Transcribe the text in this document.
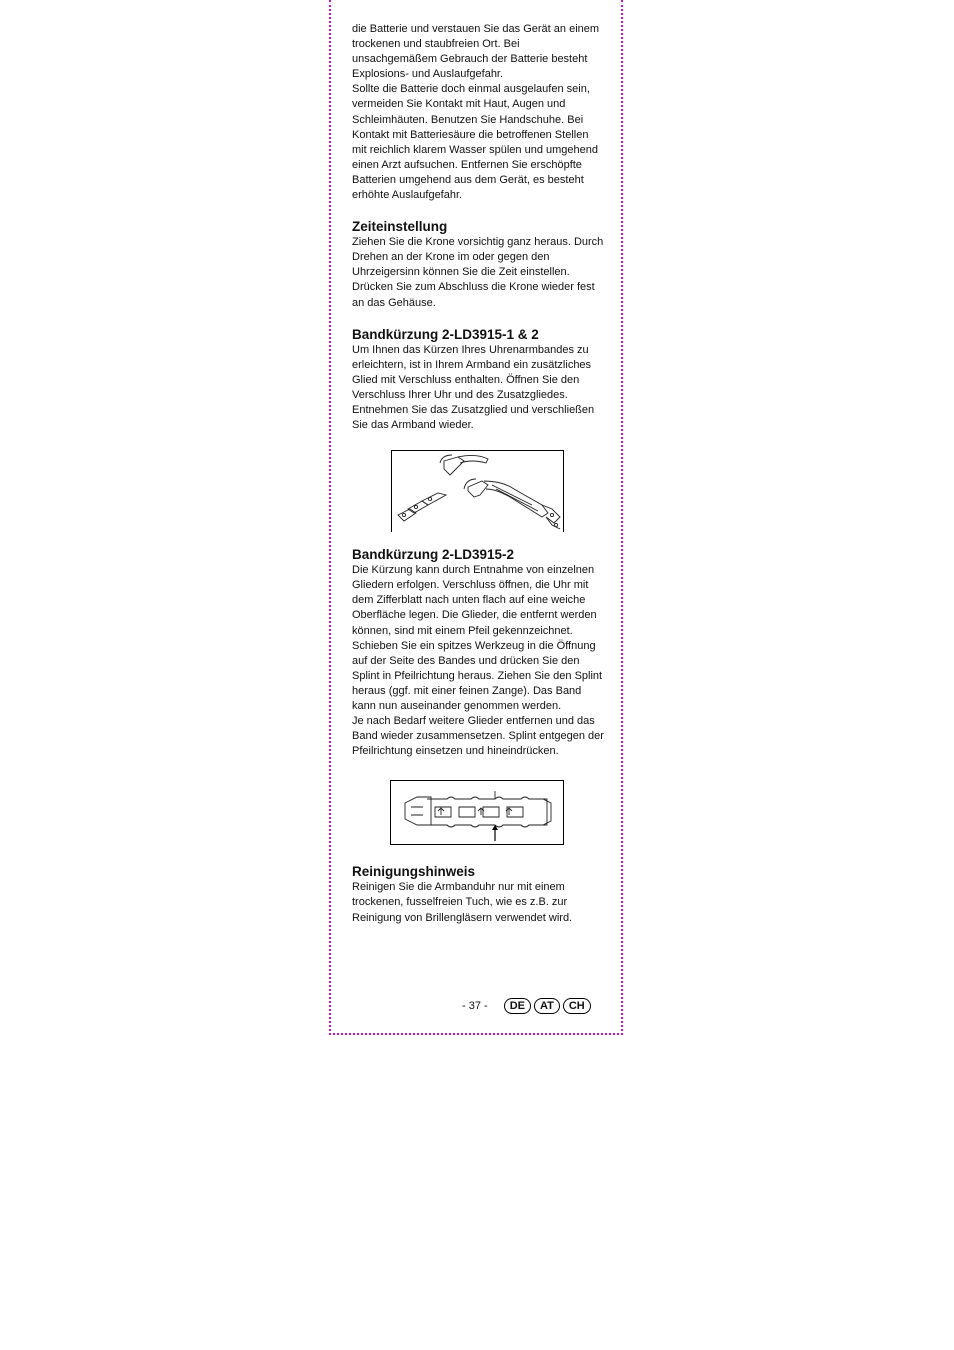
die Batterie und verstauen Sie das Gerät an einem trockenen und staubfreien Ort. Bei unsachgemäßem Gebrauch der Batterie besteht Explosions- und Auslaufgefahr.

Sollte die Batterie doch einmal ausgelaufen sein, vermeiden Sie Kontakt mit Haut, Augen und Schleimhäuten. Benutzen Sie Handschuhe. Bei Kontakt mit Batteriesäure die betroffenen Stellen mit reichlich klarem Wasser spülen und umgehend einen Arzt aufsuchen. Entfernen Sie erschöpfte Batterien umgehend aus dem Gerät, es besteht erhöhte Auslaufgefahr.

Zeiteinstellung

Ziehen Sie die Krone vorsichtig ganz heraus. Durch Drehen an der Krone im oder gegen den Uhrzeigersinn können Sie die Zeit einstellen. Drücken Sie zum Abschluss die Krone wieder fest an das Gehäuse.

Bandkürzung 2-LD3915-1 & 2

Um Ihnen das Kürzen Ihres Uhrenarmbandes zu erleichtern, ist in Ihrem Armband ein zusätzliches Glied mit Verschluss enthalten. Öffnen Sie den Verschluss Ihrer Uhr und des Zusatzgliedes. Entnehmen Sie das Zusatzglied und verschließen Sie das Armband wieder.

Bandkürzung 2-LD3915-2

Die Kürzung kann durch Entnahme von einzelnen Gliedern erfolgen. Verschluss öffnen, die Uhr mit dem Zifferblatt nach unten flach auf eine weiche Oberfläche legen. Die Glieder, die entfernt werden können, sind mit einem Pfeil gekennzeichnet. Schieben Sie ein spitzes Werkzeug in die Öffnung auf der Seite des Bandes und drücken Sie den Splint in Pfeilrichtung heraus. Ziehen Sie den Splint heraus (ggf. mit einer feinen Zange). Das Band kann nun auseinander genommen werden.

Je nach Bedarf weitere Glieder entfernen und das Band wieder zusammensetzen. Splint entgegen der Pfeilrichtung einsetzen und hineindrücken.

Reinigungshinweis

Reinigen Sie die Armbanduhr nur mit einem trockenen, fusselfreien Tuch, wie es z.B. zur Reinigung von Brillengläsern verwendet wird.

- 37 -	DE	AT	CH
